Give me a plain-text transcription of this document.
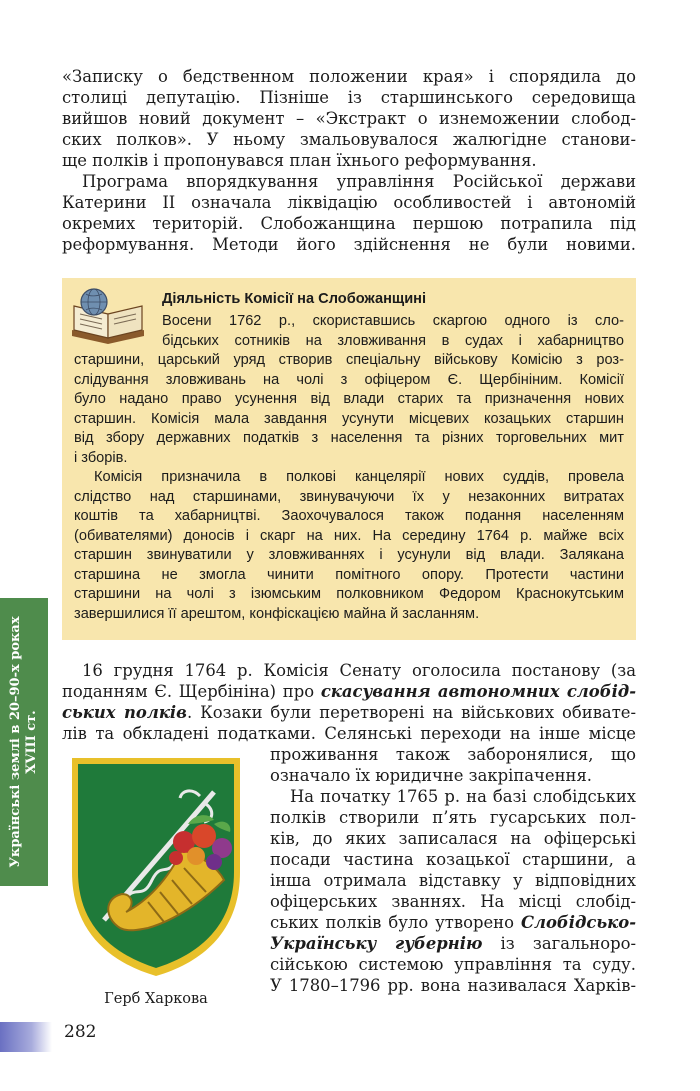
«Записку о бедственном положении края» і спорядила до
столиці депутацію. Пізніше із старшинського середовища
вийшов новий документ – «Экстракт о изнеможении слобод-
ских полков». У ньому змальовувалося жалюгідне станови-
ще полків і пропонувався план їхнього реформування.
Програма впорядкування управління Російської держави
Катерини II означала ліквідацію особливостей і автономій
окремих територій. Слобожанщина першою потрапила під
реформування. Методи його здійснення не були новими.
Українські землі в 20–90-х роках XVIII ст.
Діяльність Комісії на Слобожанщині
Восени 1762 р., скориставшись скаргою одного із сло-
бідських сотників на зловживання в судах і хабарництво
старшини, царський уряд створив спеціальну військову Комісію з роз-
слідування зловживань на чолі з офіцером Є. Щербініним. Комісії
було надано право усунення від влади старих та призначення нових
старшин. Комісія мала завдання усунути місцевих козацьких старшин
від збору державних податків з населення та різних торговельних мит
і зборів.
Комісія призначила в полкові канцелярії нових суддів, провела
слідство над старшинами, звинувачуючи їх у незаконних витратах
коштів та хабарництві. Заохочувалося також подання населенням
(обивателями) доносів і скарг на них. На середину 1764 р. майже всіх
старшин звинуватили у зловживаннях і усунули від влади. Залякана
старшина не змогла чинити помітного опору. Протести частини
старшини на чолі з ізюмським полковником Федором Краснокутським
завершилися її арештом, конфіскацією майна й засланням.
16 грудня 1764 р. Комісія Сенату оголосила постанову (за
поданням Є. Щербініна) про скасування автономних слобід-
ських полків. Козаки були перетворені на військових обивате-
лів та обкладені податками. Селянські переходи на інше місце
проживання також заборонялися, що
означало їх юридичне закріпачення.
На початку 1765 р. на базі слобідських
полків створили п’ять гусарських пол-
ків, до яких записалася на офіцерські
посади частина козацької старшини, а
інша отримала відставку у відповідних
офіцерських званнях. На місці слобід-
ських полків було утворено Слобідсько-
Українську губернію із загальноро-
сійською системою управління та суду.
У 1780–1796 рр. вона називалася Харків-
Герб Харкова
282
